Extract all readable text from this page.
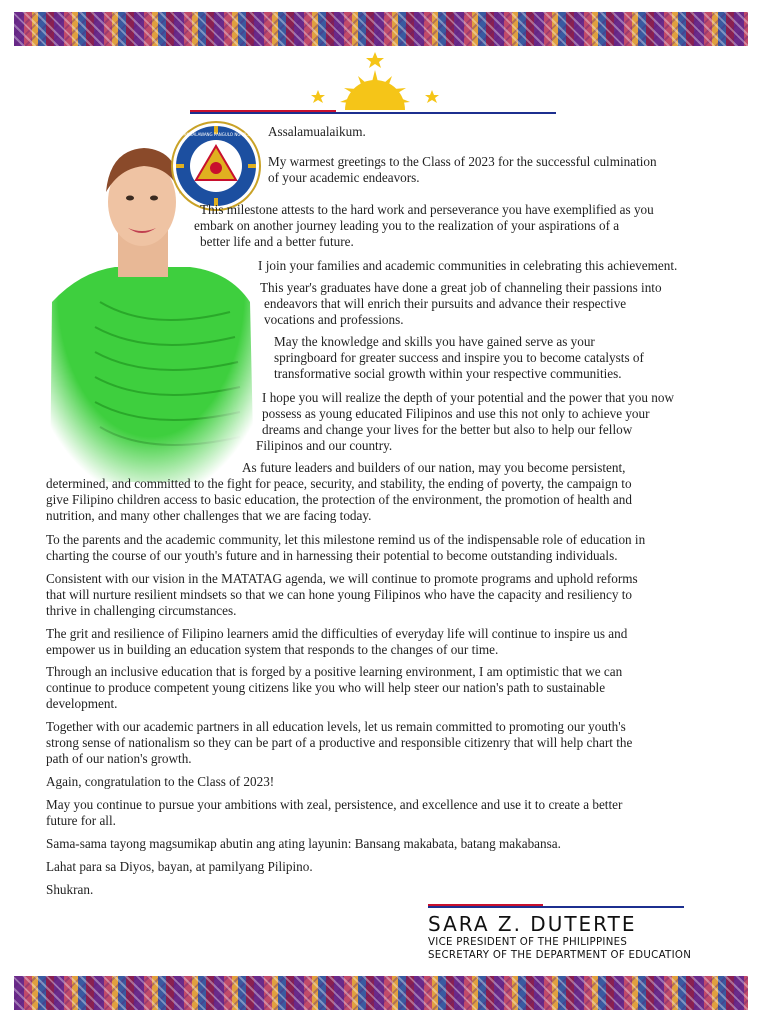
ANG PANGALAWANG PANGULO NG PILIPINAS Assalamualaikum.

My warmest greetings to the Class of 2023 for the successful culmination
of your academic endeavors.

This milestone attests to the hard work and perseverance you have exemplified as you
embark on another journey leading you to the realization of your aspirations of a
better life and a better future.

I join your families and academic communities in celebrating this achievement.

This year's graduates have done a great job of channeling their passions into
endeavors that will enrich their pursuits and advance their respective
vocations and professions.

May the knowledge and skills you have gained serve as your
springboard for greater success and inspire you to become catalysts of
transformative social growth within your respective communities.

I hope you will realize the depth of your potential and the power that you now
possess as young educated Filipinos and use this not only to achieve your
dreams and change your lives for the better but also to help our fellow
Filipinos and our country.

As future leaders and builders of our nation, may you become persistent,
determined, and committed to the fight for peace, security, and stability, the ending of poverty, the campaign to
give Filipino children access to basic education, the protection of the environment, the promotion of health and
nutrition, and many other challenges that we are facing today.

To the parents and the academic community, let this milestone remind us of the indispensable role of education in
charting the course of our youth's future and in harnessing their potential to become outstanding individuals.

Consistent with our vision in the MATATAG agenda, we will continue to promote programs and uphold reforms
that will nurture resilient mindsets so that we can hone young Filipinos who have the capacity and resiliency to
thrive in challenging circumstances.

The grit and resilience of Filipino learners amid the difficulties of everyday life will continue to inspire us and
empower us in building an education system that responds to the changes of our time.

Through an inclusive education that is forged by a positive learning environment, I am optimistic that we can
continue to produce competent young citizens like you who will help steer our nation's path to sustainable
development.

Together with our academic partners in all education levels, let us remain committed to promoting our youth's
strong sense of nationalism so they can be part of a productive and responsible citizenry that will help chart the
path of our nation's growth.

Again, congratulation to the Class of 2023!

May you continue to pursue your ambitions with zeal, persistence, and excellence and use it to create a better
future for all.

Sama-sama tayong magsumikap abutin ang ating layunin: Bansang makabata, batang makabansa.

Lahat para sa Diyos, bayan, at pamilyang Pilipino.

Shukran.

SARA Z. DUTERTE
VICE PRESIDENT OF THE PHILIPPINES
SECRETARY OF THE DEPARTMENT OF EDUCATION
